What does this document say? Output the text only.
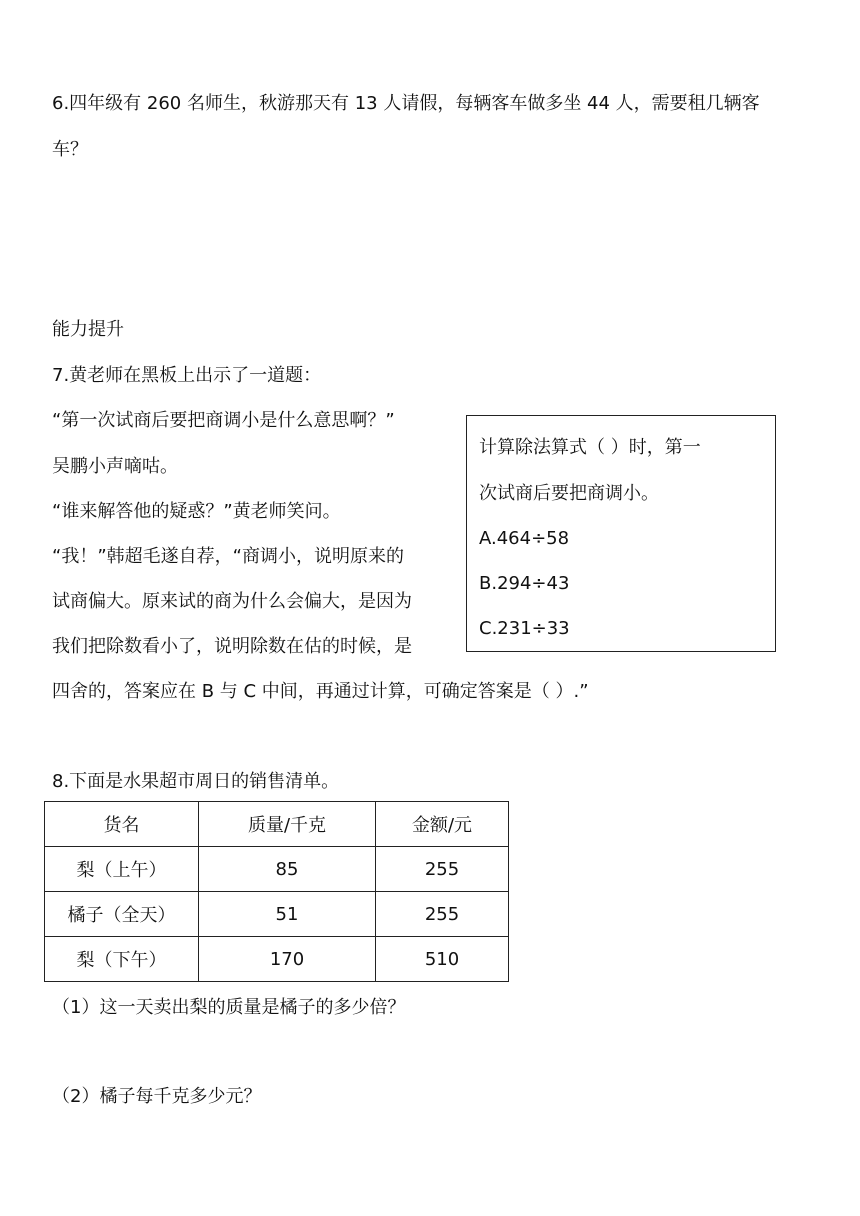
6.四年级有 260 名师生，秋游那天有 13 人请假，每辆客车做多坐 44 人，需要租几辆客
车？
能力提升
7.黄老师在黑板上出示了一道题：
“第一次试商后要把商调小是什么意思啊？”
吴鹏小声嘀咕。
“谁来解答他的疑惑？”黄老师笑问。
“我！”韩超毛遂自荐，“商调小，说明原来的
试商偏大。原来试的商为什么会偏大，是因为
我们把除数看小了，说明除数在估的时候，是
四舍的，答案应在 B 与 C 中间，再通过计算，可确定答案是（ ）.”
计算除法算式（ ）时，第一
次试商后要把商调小。
A.464÷58
B.294÷43
C.231÷33
8.下面是水果超市周日的销售清单。
货名	质量/千克	金额/元
梨（上午）	85	255
橘子（全天）	51	255
梨（下午）	170	510
（1）这一天卖出梨的质量是橘子的多少倍？
（2）橘子每千克多少元？
